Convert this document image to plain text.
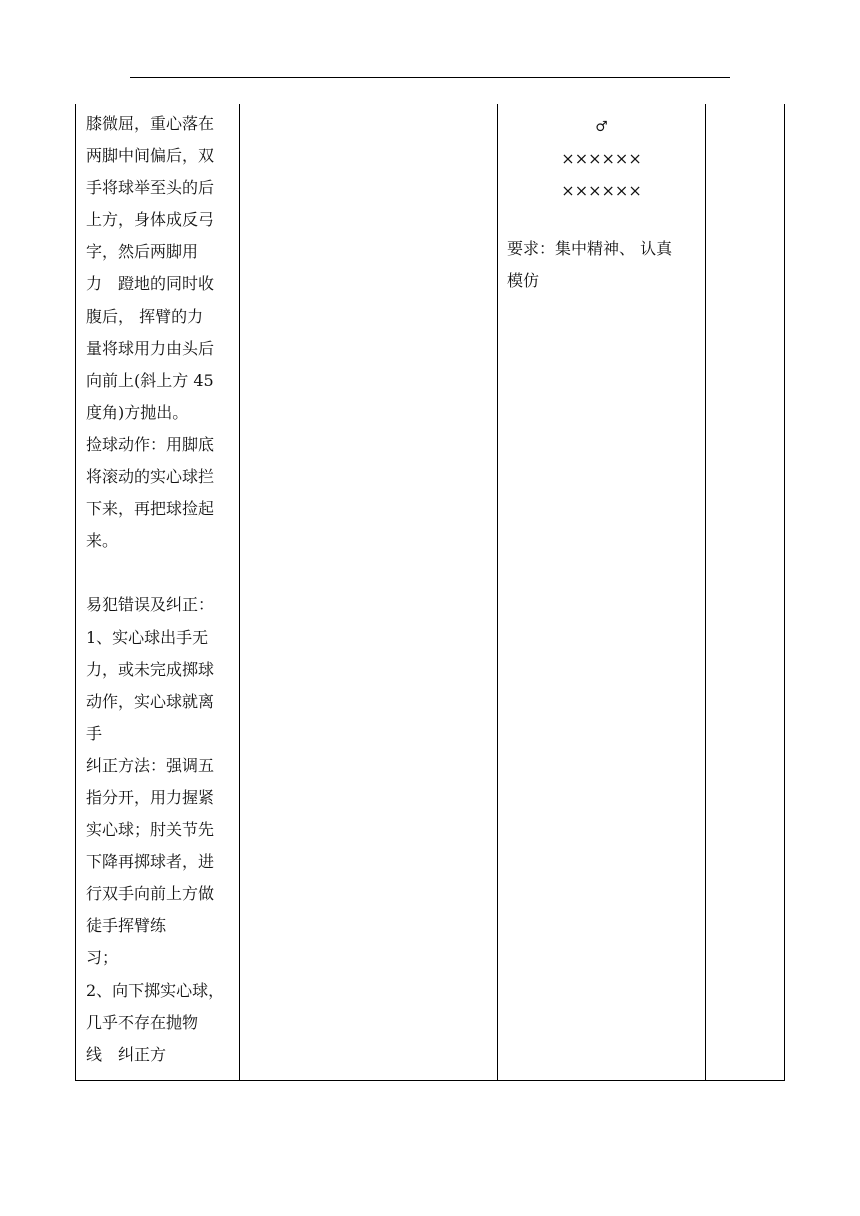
膝微屈，重心落在
两脚中间偏后，双
手将球举至头的后
上方，身体成反弓
字，然后两脚用
力　蹬地的同时收
腹后， 挥臂的力
量将球用力由头后
向前上(斜上方 45
度角)方抛出。
捡球动作：用脚底
将滚动的实心球拦
下来，再把球捡起
来。
易犯错误及纠正：
1、实心球出手无
力，或未完成掷球
动作，实心球就离
手
纠正方法：强调五
指分开，用力握紧
实心球；肘关节先
下降再掷球者，进
行双手向前上方做
徒手挥臂练
习；
2、向下掷实心球，
几乎不存在抛物
线　纠正方

♂
××××××
××××××
要求：集中精神、 认真
模仿
